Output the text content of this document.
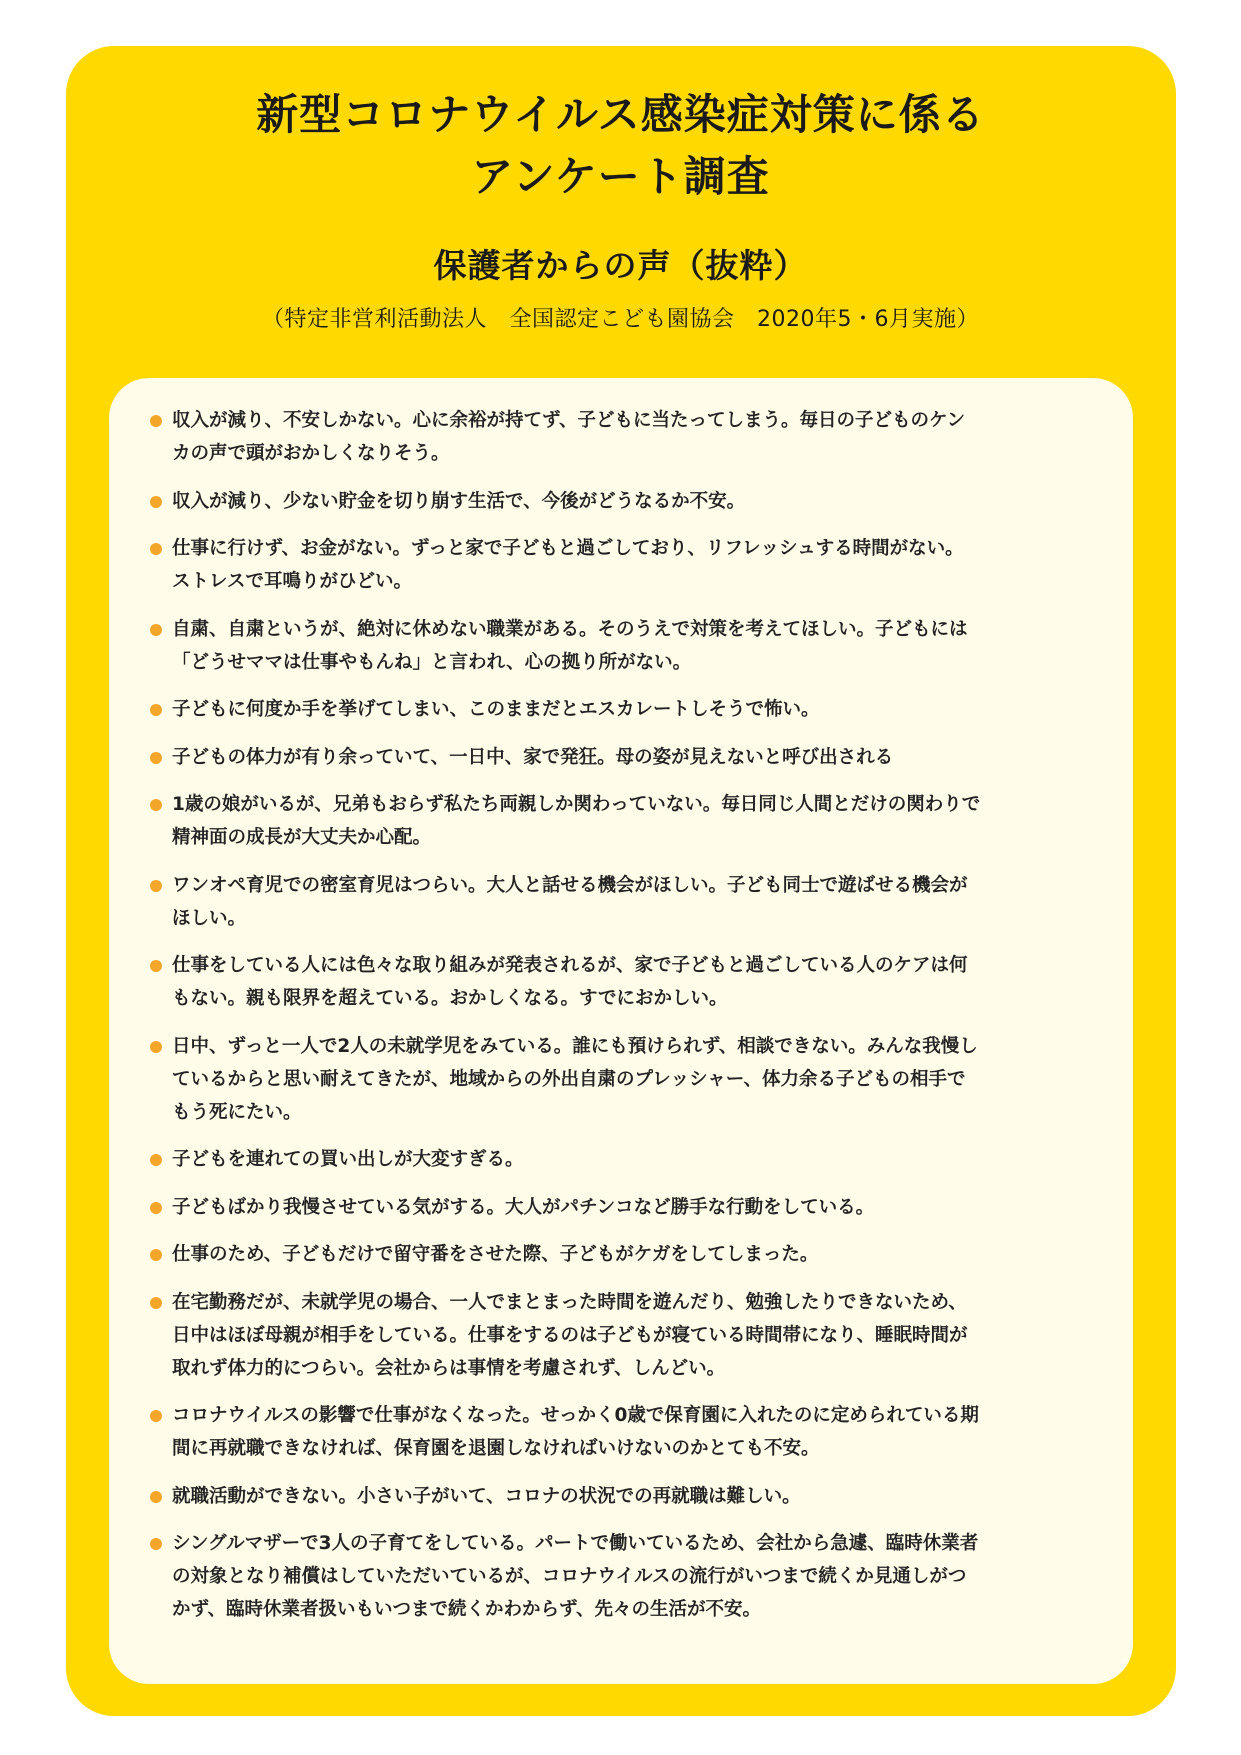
新型コロナウイルス感染症対策に係る
アンケート調査
保護者からの声（抜粋）
（特定非営利活動法人　全国認定こども園協会　2020年5・6月実施）
収入が減り、不安しかない。心に余裕が持てず、子どもに当たってしまう。毎日の子どものケン
カの声で頭がおかしくなりそう。
収入が減り、少ない貯金を切り崩す生活で、今後がどうなるか不安。
仕事に行けず、お金がない。ずっと家で子どもと過ごしており、リフレッシュする時間がない。
ストレスで耳鳴りがひどい。
自粛、自粛というが、絶対に休めない職業がある。そのうえで対策を考えてほしい。子どもには
「どうせママは仕事やもんね」と言われ、心の拠り所がない。
子どもに何度か手を挙げてしまい、このままだとエスカレートしそうで怖い。
子どもの体力が有り余っていて、一日中、家で発狂。母の姿が見えないと呼び出される
1歳の娘がいるが、兄弟もおらず私たち両親しか関わっていない。毎日同じ人間とだけの関わりで
精神面の成長が大丈夫か心配。
ワンオペ育児での密室育児はつらい。大人と話せる機会がほしい。子ども同士で遊ばせる機会が
ほしい。
仕事をしている人には色々な取り組みが発表されるが、家で子どもと過ごしている人のケアは何
もない。親も限界を超えている。おかしくなる。すでにおかしい。
日中、ずっと一人で2人の未就学児をみている。誰にも預けられず、相談できない。みんな我慢し
ているからと思い耐えてきたが、地域からの外出自粛のプレッシャー、体力余る子どもの相手で
もう死にたい。
子どもを連れての買い出しが大変すぎる。
子どもばかり我慢させている気がする。大人がパチンコなど勝手な行動をしている。
仕事のため、子どもだけで留守番をさせた際、子どもがケガをしてしまった。
在宅勤務だが、未就学児の場合、一人でまとまった時間を遊んだり、勉強したりできないため、
日中はほぼ母親が相手をしている。仕事をするのは子どもが寝ている時間帯になり、睡眠時間が
取れず体力的につらい。会社からは事情を考慮されず、しんどい。
コロナウイルスの影響で仕事がなくなった。せっかく0歳で保育園に入れたのに定められている期
間に再就職できなければ、保育園を退園しなければいけないのかとても不安。
就職活動ができない。小さい子がいて、コロナの状況での再就職は難しい。
シングルマザーで3人の子育てをしている。パートで働いているため、会社から急遽、臨時休業者
の対象となり補償はしていただいているが、コロナウイルスの流行がいつまで続くか見通しがつ
かず、臨時休業者扱いもいつまで続くかわからず、先々の生活が不安。
